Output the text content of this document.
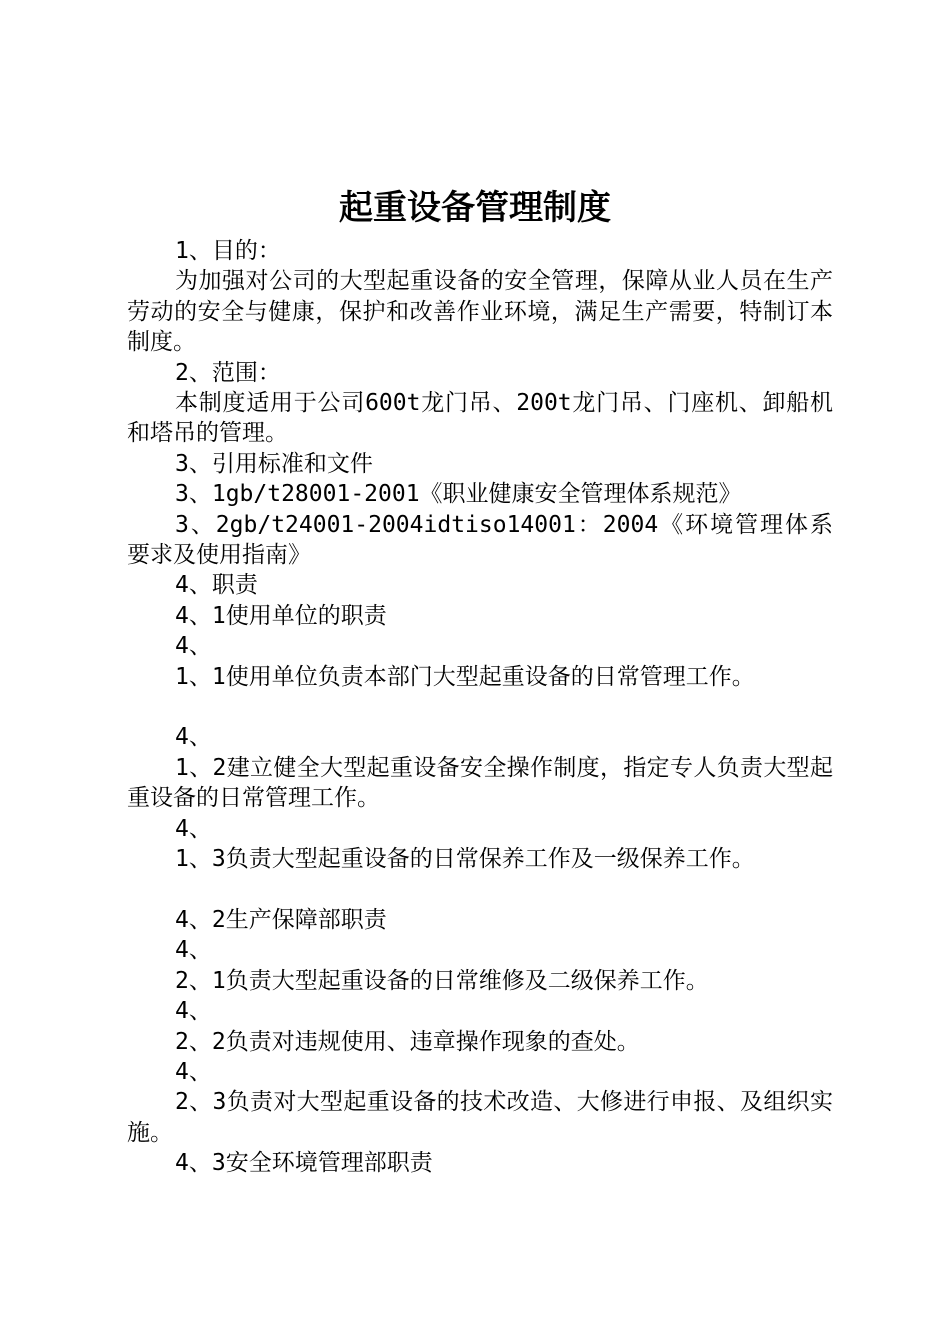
起重设备管理制度

1、目的：

为加强对公司的大型起重设备的安全管理，保障从业人员在生产劳动的安全与健康，保护和改善作业环境，满足生产需要，特制订本制度。

2、范围：

本制度适用于公司600t龙门吊、200t龙门吊、门座机、卸船机和塔吊的管理。

3、引用标准和文件

3、1gb/t28001-2001《职业健康安全管理体系规范》

3、2gb/t24001-2004idtiso14001：2004《环境管理体系要求及使用指南》

4、职责

4、1使用单位的职责

4、

1、1使用单位负责本部门大型起重设备的日常管理工作。

4、

1、2建立健全大型起重设备安全操作制度，指定专人负责大型起重设备的日常管理工作。

4、

1、3负责大型起重设备的日常保养工作及一级保养工作。

4、2生产保障部职责

4、

2、1负责大型起重设备的日常维修及二级保养工作。

4、

2、2负责对违规使用、违章操作现象的查处。

4、

2、3负责对大型起重设备的技术改造、大修进行申报、及组织实施。

4、3安全环境管理部职责
